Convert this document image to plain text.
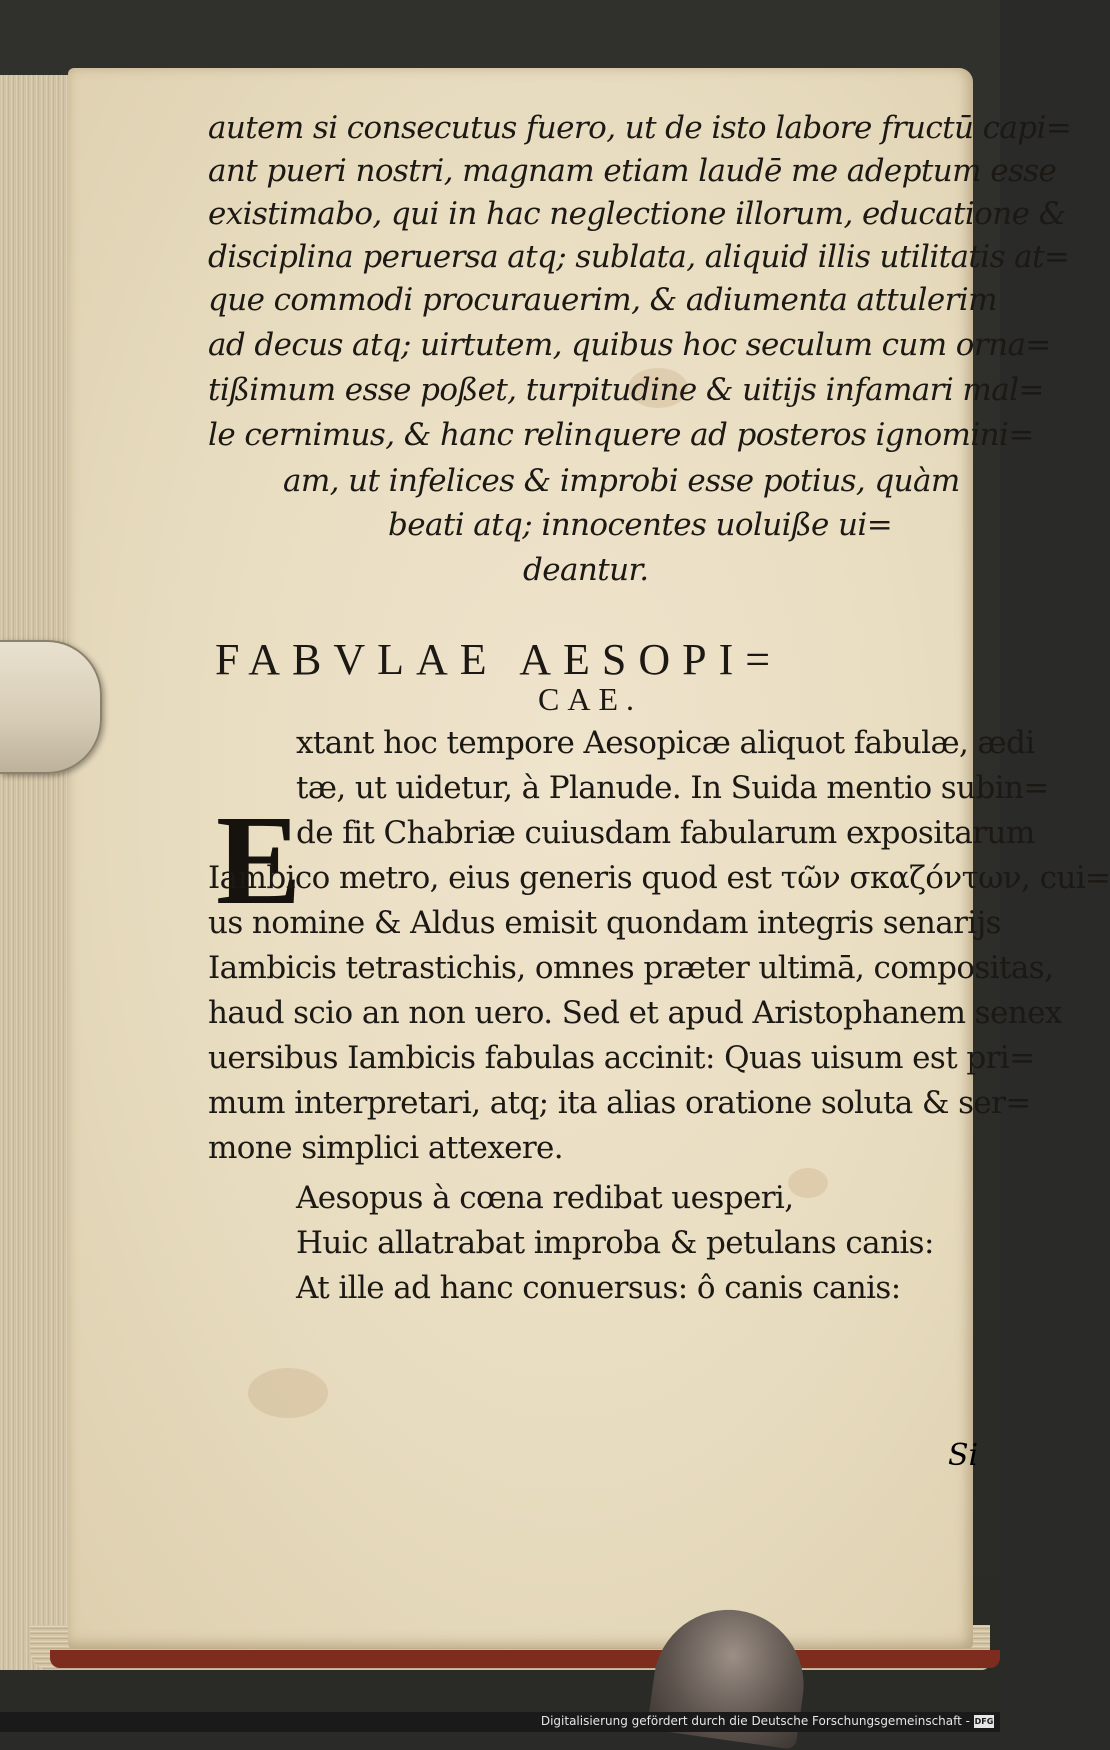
autem si consecutus fuero, ut de isto labore fructū capi=
ant pueri nostri, magnam etiam laudē me adeptum esse
existimabo, qui in hac neglectione illorum, educatione &
disciplina peruersa atq; sublata, aliquid illis utilitatis at=
que commodi procurauerim, & adiumenta attulerim
ad decus atq; uirtutem, quibus hoc seculum cum orna=
tißimum esse poßet, turpitudine & uitijs infamari mal=
le cernimus, & hanc relinquere ad posteros ignomini=
am, ut infelices & improbi esse potius, quàm
beati atq; innocentes uoluiße ui=
deantur.
FABVLAE AESOPI=
CAE.
E
xtant hoc tempore Aesopicæ aliquot fabulæ, ædi
tæ, ut uidetur, à Planude. In Suida mentio subin=
de fit Chabriæ cuiusdam fabularum expositarum
Iambico metro, eius generis quod est τῶν σκαζόντων, cui=
us nomine & Aldus emisit quondam integris senarijs
Iambicis tetrastichis, omnes præter ultimā, compositas,
haud scio an non uero. Sed et apud Aristophanem senex
uersibus Iambicis fabulas accinit: Quas uisum est pri=
mum interpretari, atq; ita alias oratione soluta & ser=
mone simplici attexere.
Aesopus à cœna redibat uesperi,
Huic allatrabat improba & petulans canis:
At ille ad hanc conuersus: ô canis canis:
Si
Digitalisierung gefördert durch die Deutsche Forschungsgemeinschaft - DFG
